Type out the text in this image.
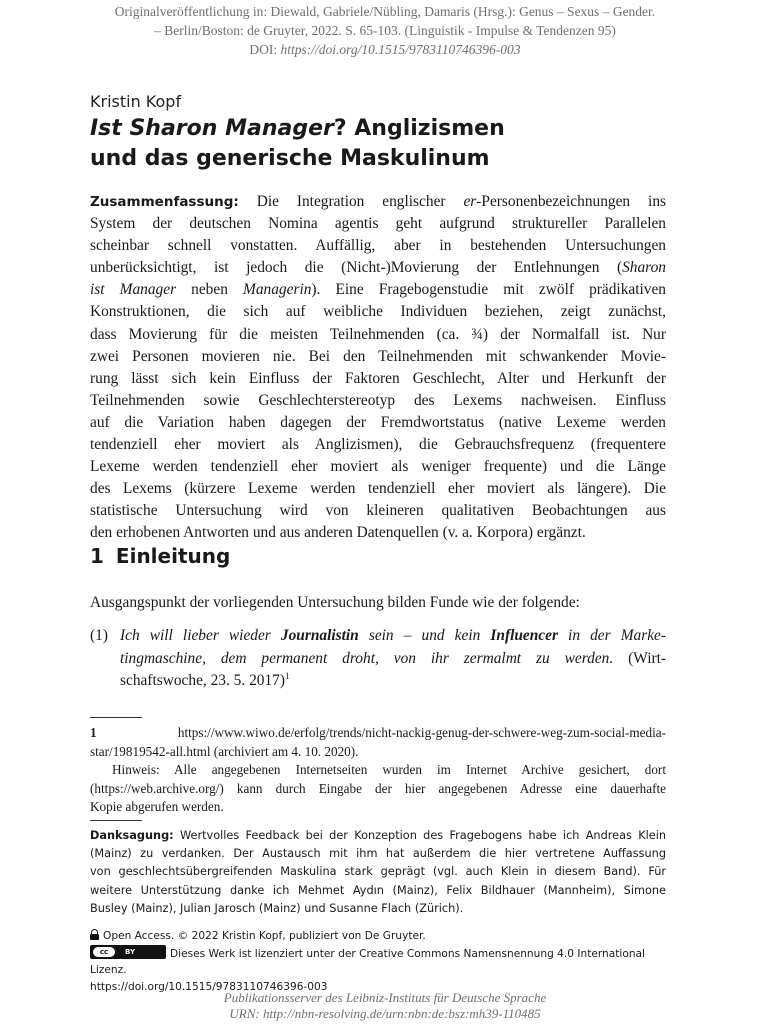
Originalveröffentlichung in: Diewald, Gabriele/Nübling, Damaris (Hrsg.): Genus – Sexus – Gender.
– Berlin/Boston: de Gruyter, 2022. S. 65-103. (Linguistik - Impulse & Tendenzen 95)
DOI: https://doi.org/10.1515/9783110746396-003
Kristin Kopf
Ist Sharon Manager? Anglizismen
und das generische Maskulinum
Zusammenfassung: Die Integration englischer er-Personenbezeichnungen ins
System der deutschen Nomina agentis geht aufgrund struktureller Parallelen
scheinbar schnell vonstatten. Auffällig, aber in bestehenden Untersuchungen
unberücksichtigt, ist jedoch die (Nicht-)Movierung der Entlehnungen (Sharon
ist Manager neben Managerin). Eine Fragebogenstudie mit zwölf prädikativen
Konstruktionen, die sich auf weibliche Individuen beziehen, zeigt zunächst,
dass Movierung für die meisten Teilnehmenden (ca. ¾) der Normalfall ist. Nur
zwei Personen movieren nie. Bei den Teilnehmenden mit schwankender Movie-
rung lässt sich kein Einfluss der Faktoren Geschlecht, Alter und Herkunft der
Teilnehmenden sowie Geschlechterstereotyp des Lexems nachweisen. Einfluss
auf die Variation haben dagegen der Fremdwortstatus (native Lexeme werden
tendenziell eher moviert als Anglizismen), die Gebrauchsfrequenz (frequentere
Lexeme werden tendenziell eher moviert als weniger frequente) und die Länge
des Lexems (kürzere Lexeme werden tendenziell eher moviert als längere). Die
statistische Untersuchung wird von kleineren qualitativen Beobachtungen aus
den erhobenen Antworten und aus anderen Datenquellen (v. a. Korpora) ergänzt.
1 Einleitung
Ausgangspunkt der vorliegenden Untersuchung bilden Funde wie der folgende:
(1) Ich will lieber wieder Journalistin sein – und kein Influencer in der Marke-
tingmaschine, dem permanent droht, von ihr zermalmt zu werden. (Wirt-
schaftswoche, 23. 5. 2017)$^1$
1	https://www.wiwo.de/erfolg/trends/nicht-nackig-genug-der-schwere-weg-zum-social-media-
star/19819542-all.html (archiviert am 4. 10. 2020).
Hinweis: Alle angegebenen Internetseiten wurden im Internet Archive gesichert, dort
(https://web.archive.org/) kann durch Eingabe der hier angegebenen Adresse eine dauerhafte
Kopie abgerufen werden.
Danksagung: Wertvolles Feedback bei der Konzeption des Fragebogens habe ich Andreas Klein
(Mainz) zu verdanken. Der Austausch mit ihm hat außerdem die hier vertretene Auffassung
von geschlechtsübergreifenden Maskulina stark geprägt (vgl. auch Klein in diesem Band). Für
weitere Unterstützung danke ich Mehmet Aydın (Mainz), Felix Bildhauer (Mannheim), Simone
Busley (Mainz), Julian Jarosch (Mainz) und Susanne Flach (Zürich).
Open Access. © 2022 Kristin Kopf, publiziert von De Gruyter.
cc	BY	Dieses Werk ist lizenziert unter der Creative Commons Namensnennung 4.0 International
Lizenz.
https://doi.org/10.1515/9783110746396-003
Publikationsserver des Leibniz-Instituts für Deutsche Sprache
URN: http://nbn-resolving.de/urn:nbn:de:bsz:mh39-110485
